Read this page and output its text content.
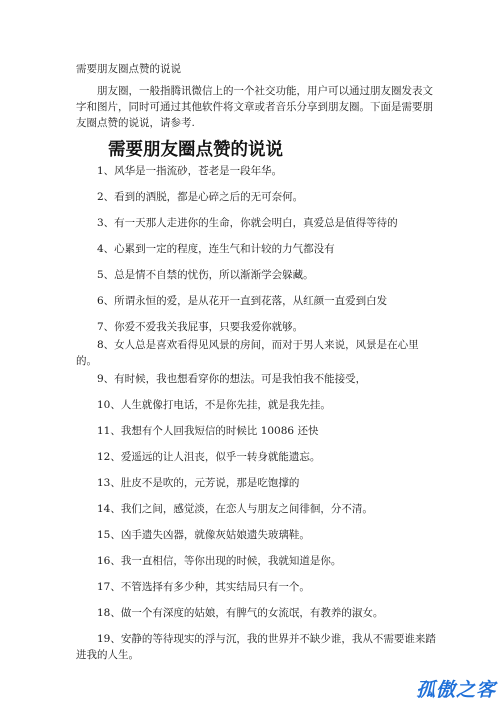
需要朋友圈点赞的说说

朋友圈，一般指腾讯微信上的一个社交功能，用户可以通过朋友圈发表文字和图片，同时可通过其他软件将文章或者音乐分享到朋友圈。下面是需要朋友圈点赞的说说，请参考.

需要朋友圈点赞的说说
1、风华是一指流砂，苍老是一段年华。
2、看到的洒脱，都是心碎之后的无可奈何。
3、有一天那人走进你的生命，你就会明白，真爱总是值得等待的
4、心累到一定的程度，连生气和计较的力气都没有
5、总是情不自禁的忧伤，所以渐渐学会躲藏。
6、所谓永恒的爱，是从花开一直到花落，从红颜一直爱到白发
7、你爱不爱我关我屁事，只要我爱你就够。
8、女人总是喜欢看得见风景的房间，而对于男人来说，风景是在心里的。
9、有时候，我也想看穿你的想法。可是我怕我不能接受，
10、人生就像打电话，不是你先挂，就是我先挂。
11、我想有个人回我短信的时候比 10086 还快
12、爱遥远的让人沮丧，似乎一转身就能遗忘。
13、肚皮不是吹的，元芳说，那是吃饱撑的
14、我们之间，感觉淡，在恋人与朋友之间徘徊，分不清。
15、凶手遗失凶器，就像灰姑娘遗失玻璃鞋。
16、我一直相信，等你出现的时候，我就知道是你。
17、不管选择有多少种，其实结局只有一个。
18、做一个有深度的姑娘，有脾气的女流氓，有教养的淑女。
19、安静的等待现实的浮与沉，我的世界并不缺少谁，我从不需要谁来踏进我的人生。
孤傲之客
